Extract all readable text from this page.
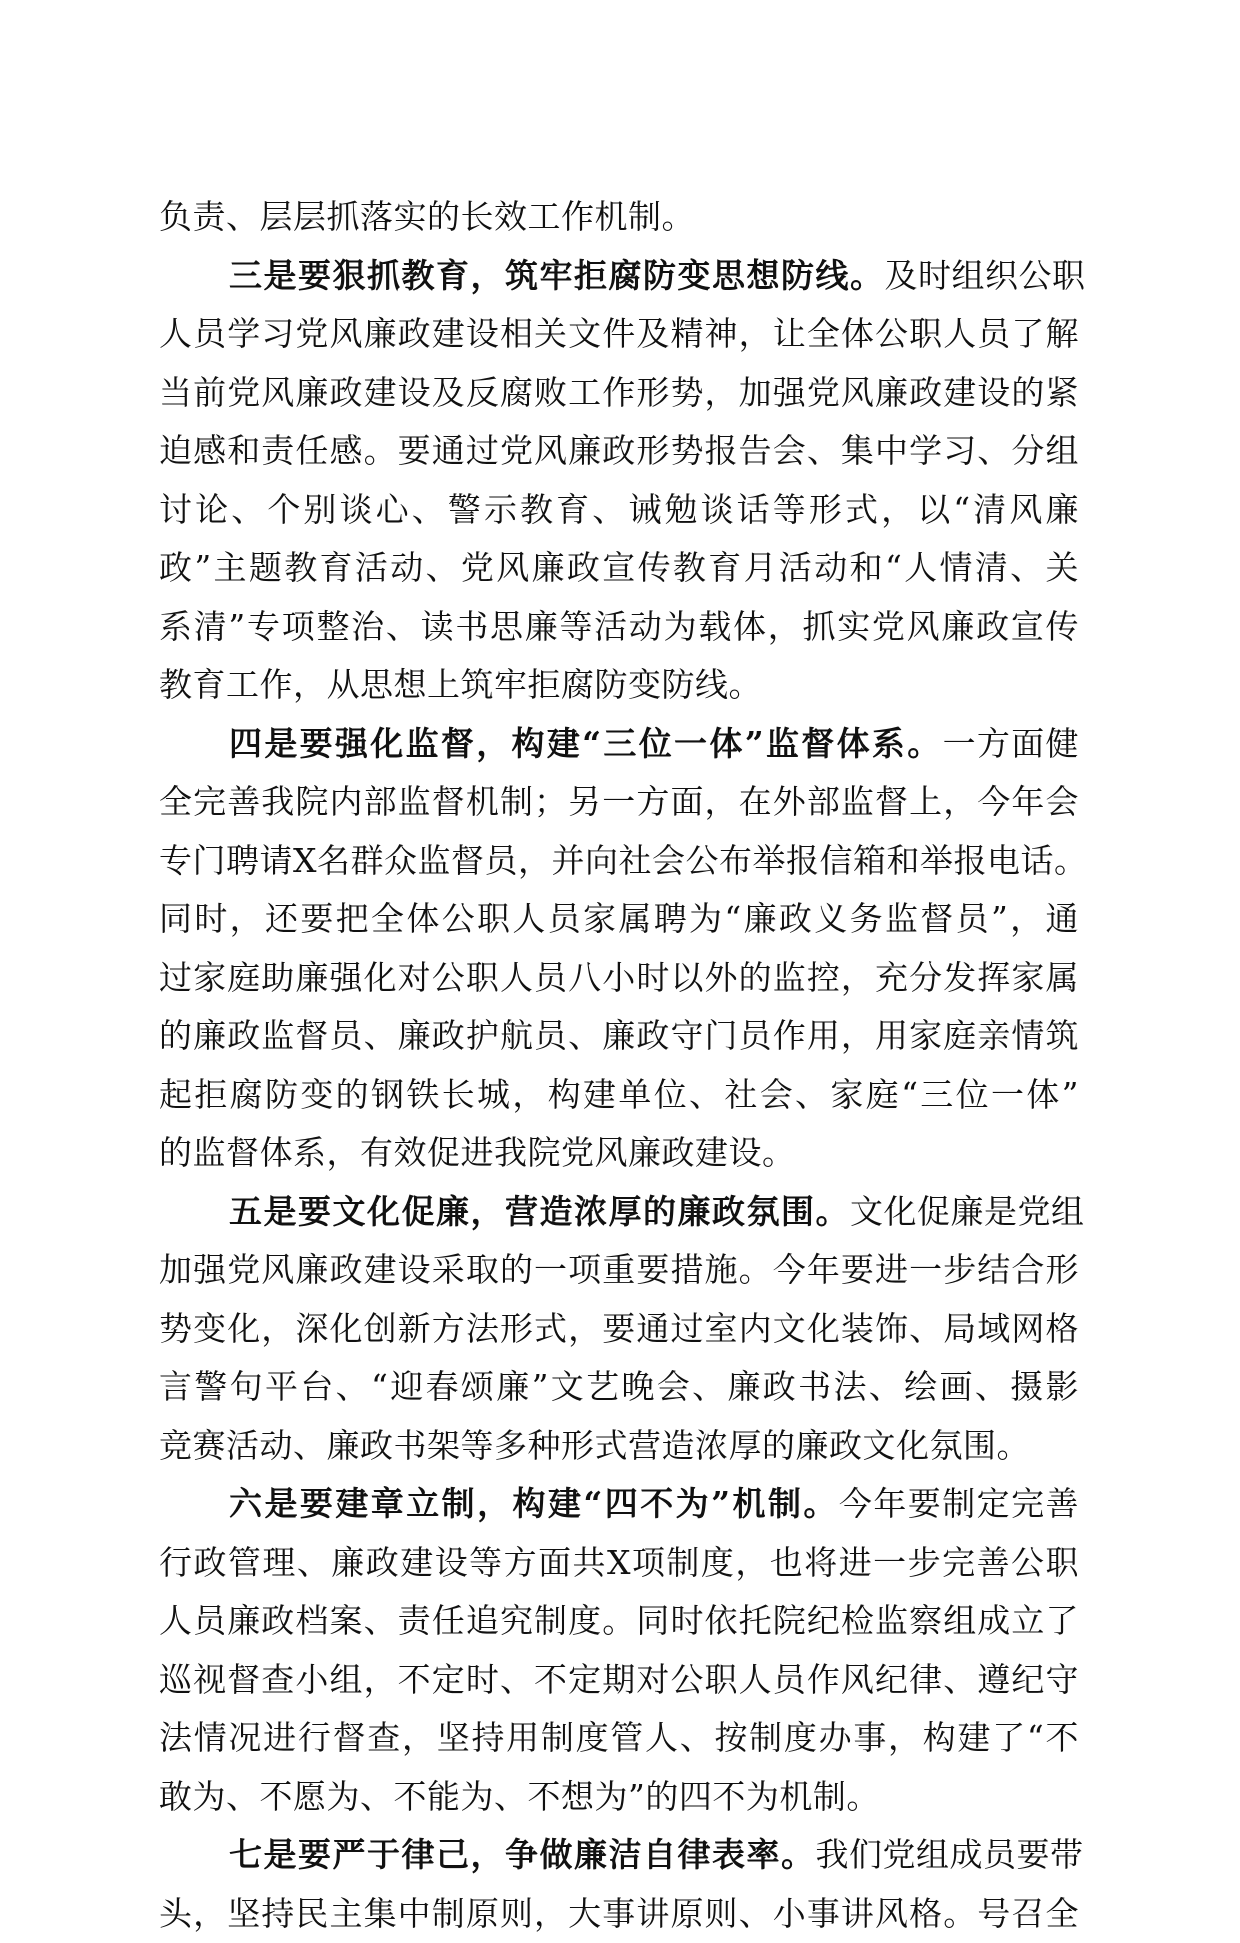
负责、层层抓落实的长效工作机制。
三是要狠抓教育，筑牢拒腐防变思想防线。及时组织公职
人员学习党风廉政建设相关文件及精神，让全体公职人员了解
当前党风廉政建设及反腐败工作形势，加强党风廉政建设的紧
迫感和责任感。要通过党风廉政形势报告会、集中学习、分组
讨论、个别谈心、警示教育、诫勉谈话等形式，以“清风廉
政”主题教育活动、党风廉政宣传教育月活动和“人情清、关
系清”专项整治、读书思廉等活动为载体，抓实党风廉政宣传
教育工作，从思想上筑牢拒腐防变防线。
四是要强化监督，构建“三位一体”监督体系。一方面健
全完善我院内部监督机制；另一方面，在外部监督上，今年会
专门聘请X名群众监督员，并向社会公布举报信箱和举报电话。
同时，还要把全体公职人员家属聘为“廉政义务监督员”，通
过家庭助廉强化对公职人员八小时以外的监控，充分发挥家属
的廉政监督员、廉政护航员、廉政守门员作用，用家庭亲情筑
起拒腐防变的钢铁长城，构建单位、社会、家庭“三位一体”
的监督体系，有效促进我院党风廉政建设。
五是要文化促廉，营造浓厚的廉政氛围。文化促廉是党组
加强党风廉政建设采取的一项重要措施。今年要进一步结合形
势变化，深化创新方法形式，要通过室内文化装饰、局域网格
言警句平台、“迎春颂廉”文艺晚会、廉政书法、绘画、摄影
竞赛活动、廉政书架等多种形式营造浓厚的廉政文化氛围。
六是要建章立制，构建“四不为”机制。今年要制定完善
行政管理、廉政建设等方面共X项制度，也将进一步完善公职
人员廉政档案、责任追究制度。同时依托院纪检监察组成立了
巡视督查小组，不定时、不定期对公职人员作风纪律、遵纪守
法情况进行督查，坚持用制度管人、按制度办事，构建了“不
敢为、不愿为、不能为、不想为”的四不为机制。
七是要严于律己，争做廉洁自律表率。我们党组成员要带
头，坚持民主集中制原则，大事讲原则、小事讲风格。号召全
